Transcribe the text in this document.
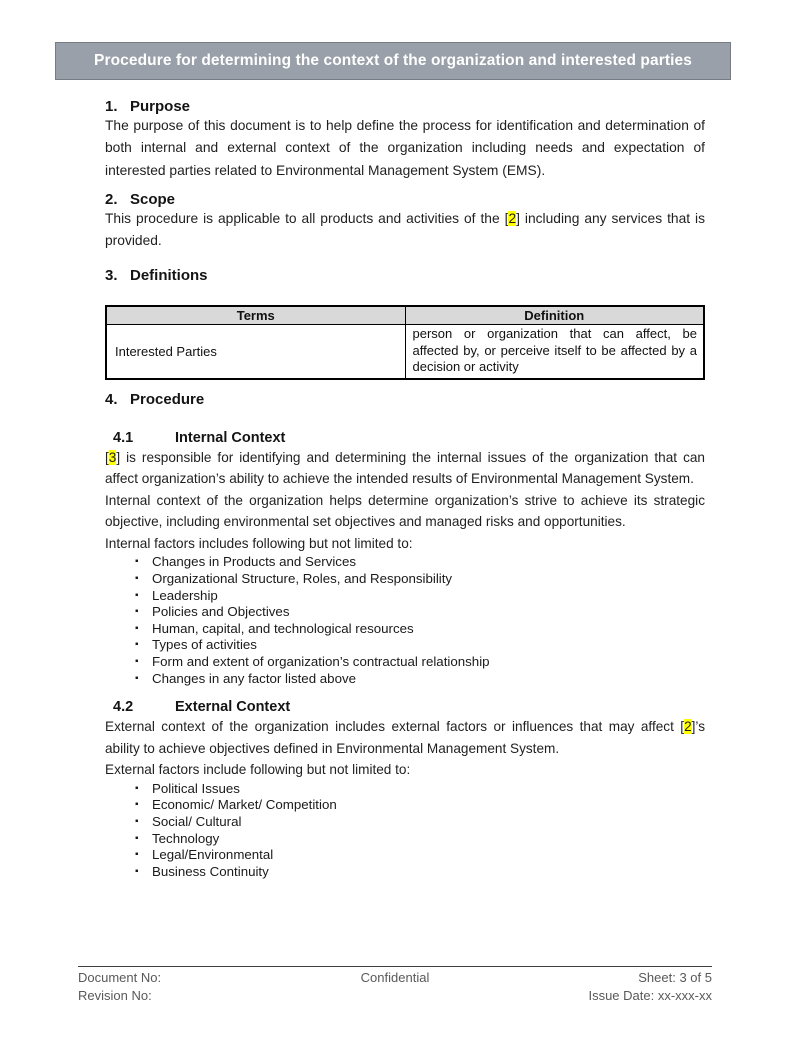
Procedure for determining the context of the organization and interested parties
1. Purpose

The purpose of this document is to help define the process for identification and determination of both internal and external context of the organization including needs and expectation of interested parties related to Environmental Management System (EMS).

2. Scope

This procedure is applicable to all products and activities of the [2] including any services that is provided.

3. Definitions
Terms	Definition
Interested Parties	person or organization that can affect, be affected by, or perceive itself to be affected by a decision or activity
4. Procedure
4.1	Internal Context

[3] is responsible for identifying and determining the internal issues of the organization that can affect organization’s ability to achieve the intended results of Environmental Management System.

Internal context of the organization helps determine organization’s strive to achieve its strategic objective, including environmental set objectives and managed risks and opportunities.

Internal factors includes following but not limited to:

▪ Changes in Products and Services
▪ Organizational Structure, Roles, and Responsibility
▪ Leadership
▪ Policies and Objectives
▪ Human, capital, and technological resources
▪ Types of activities
▪ Form and extent of organization’s contractual relationship
▪ Changes in any factor listed above
4.2	External Context

External context of the organization includes external factors or influences that may affect [2]’s ability to achieve objectives defined in Environmental Management System.

External factors include following but not limited to:

▪ Political Issues
▪ Economic/ Market/ Competition
▪ Social/ Cultural
▪ Technology
▪ Legal/Environmental
▪ Business Continuity
Document No:	Confidential	Sheet: 3 of 5
Revision No:	Issue Date: xx-xxx-xx
